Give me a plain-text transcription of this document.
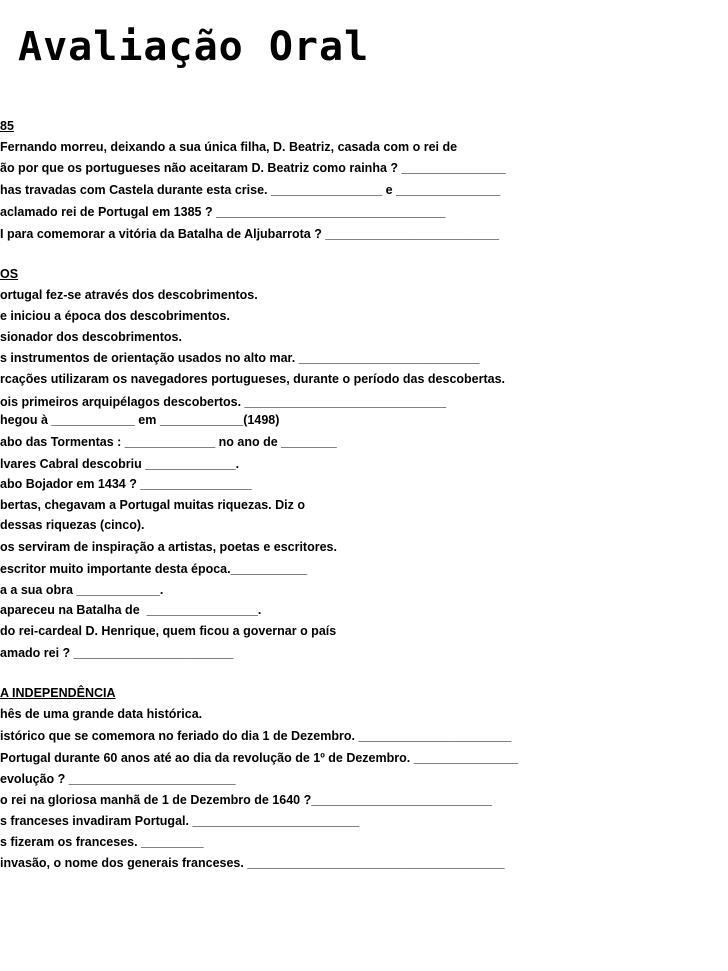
Avaliação Oral

85

Fernando morreu, deixando a sua única filha, D. Beatriz, casada com o rei de

ão por que os portugueses não aceitaram D. Beatriz como rainha ? _______________

has travadas com Castela durante esta crise. ________________ e _______________

aclamado rei de Portugal em 1385 ? _________________________________

I para comemorar a vitória da Batalha de Aljubarrota ? _________________________

OS

ortugal fez-se através dos descobrimentos.

e iniciou a época dos descobrimentos.

sionador dos descobrimentos.

s instrumentos de orientação usados no alto mar. __________________________

rcações utilizaram os navegadores portugueses, durante o período das descobertas.

ois primeiros arquipélagos descobertos. _____________________________

hegou à ____________ em ____________(1498)

abo das Tormentas : _____________ no ano de ________

lvares Cabral descobriu _____________.

abo Bojador em 1434 ? ________________

bertas, chegavam a Portugal muitas riquezas. Diz o

dessas riquezas (cinco).

os serviram de inspiração a artistas, poetas e escritores.

escritor muito importante desta época.___________

a a sua obra ____________.

apareceu na Batalha de  ________________.

do rei-cardeal D. Henrique, quem ficou a governar o país

amado rei ? _______________________

A INDEPENDÊNCIA

hês de uma grande data histórica.

istórico que se comemora no feriado do dia 1 de Dezembro. ______________________

Portugal durante 60 anos até ao dia da revolução de 1º de Dezembro. _______________

evolução ? ________________________

o rei na gloriosa manhã de 1 de Dezembro de 1640 ?__________________________

s franceses invadiram Portugal. ________________________

s fizeram os franceses. _________

invasão, o nome dos generais franceses. _____________________________________
